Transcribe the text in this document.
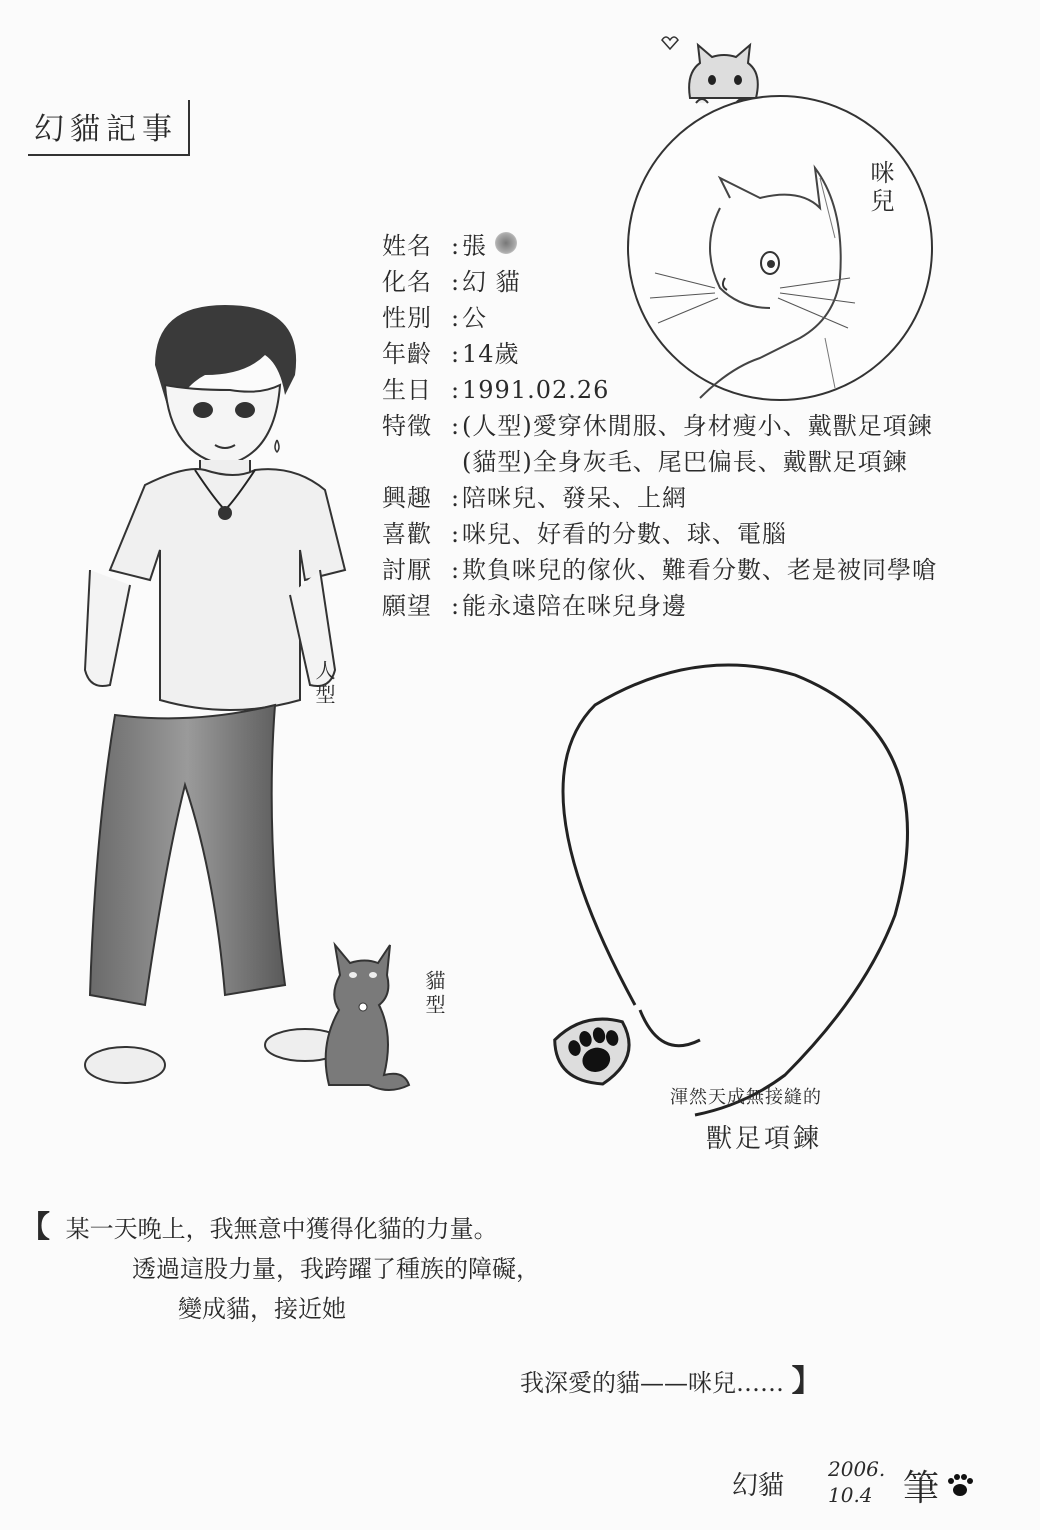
幻貓記事
咪兒
姓名 : 張
化名 : 幻 貓
性別 : 公
年齡 : 14歲
生日 : 1991.02.26
特徵 : (人型)愛穿休閒服、身材瘦小、戴獸足項鍊
(貓型)全身灰毛、尾巴偏長、戴獸足項鍊
興趣 : 陪咪兒、發呆、上網
喜歡 : 咪兒、好看的分數、球、電腦
討厭 : 欺負咪兒的傢伙、難看分數、老是被同學嗆
願望 : 能永遠陪在咪兒身邊
人型
貓型
渾然天成無接縫的
獸足項鍊
【 某一天晚上，我無意中獲得化貓的力量。
透過這股力量，我跨躍了種族的障礙，
變成貓，接近她
我深愛的貓——咪兒…… 】
幻貓
2006.
10.4 筆
